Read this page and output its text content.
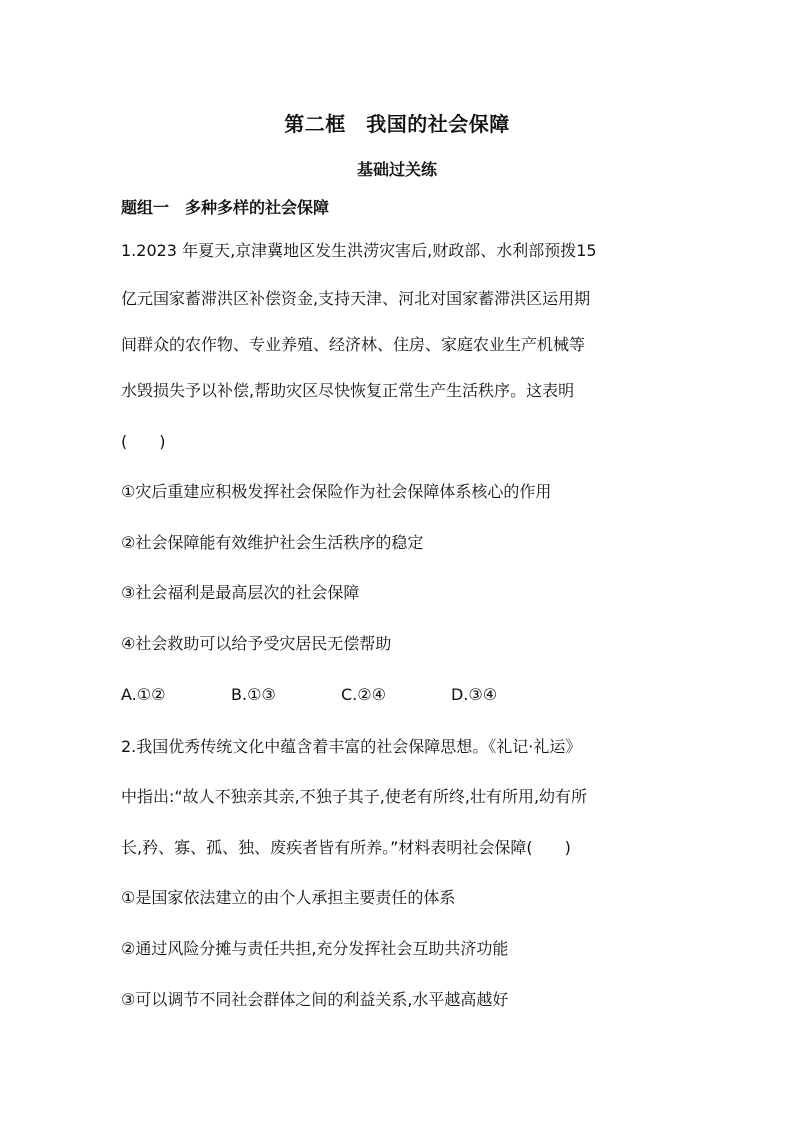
第二框　我国的社会保障
基础过关练
题组一　多种多样的社会保障
1.2023 年夏天,京津冀地区发生洪涝灾害后,财政部、水利部预拨15
亿元国家蓄滞洪区补偿资金,支持天津、河北对国家蓄滞洪区运用期
间群众的农作物、专业养殖、经济林、住房、家庭农业生产机械等
水毁损失予以补偿,帮助灾区尽快恢复正常生产生活秩序。这表明
(　　)
①灾后重建应积极发挥社会保险作为社会保障体系核心的作用
②社会保障能有效维护社会生活秩序的稳定
③社会福利是最高层次的社会保障
④社会救助可以给予受灾居民无偿帮助
A.①②	B.①③	C.②④	D.③④
2.我国优秀传统文化中蕴含着丰富的社会保障思想。《礼记·礼运》
中指出:“故人不独亲其亲,不独子其子,使老有所终,壮有所用,幼有所
长,矜、寡、孤、独、废疾者皆有所养。”材料表明社会保障(　　)
①是国家依法建立的由个人承担主要责任的体系
②通过风险分摊与责任共担,充分发挥社会互助共济功能
③可以调节不同社会群体之间的利益关系,水平越高越好
